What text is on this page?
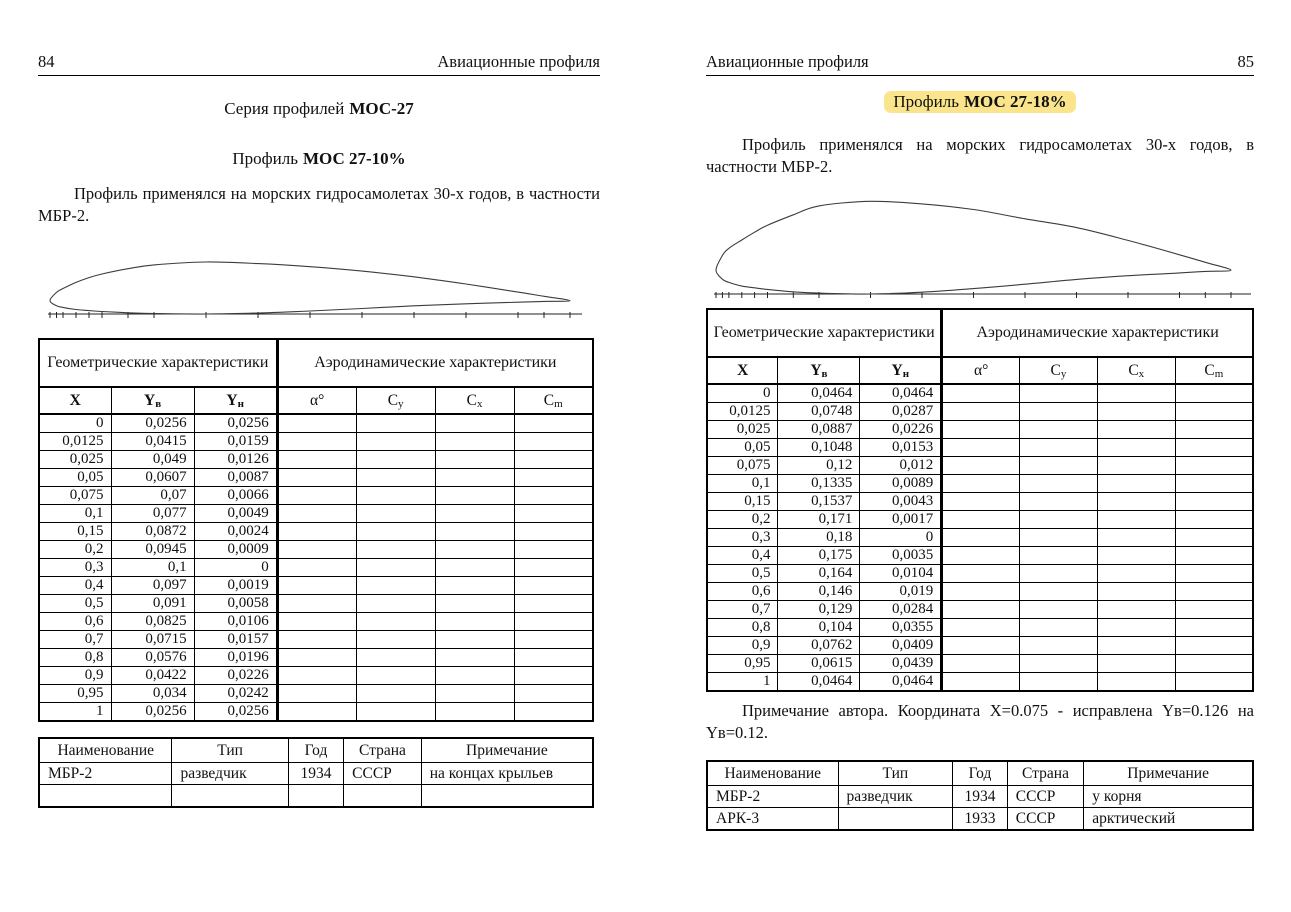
84	Авиационные профиля
Серия профилей МОС-27
Профиль МОС 27-10%
Профиль применялся на морских гидросамолетах 30-х годов, в частности МБР-2.
Геометрические характеристики			Аэродинамические характеристики			
X	Yв	Yн	α°	Cy	Cx	Cm
0	0,0256	0,0256				
0,0125	0,0415	0,0159				
0,025	0,049	0,0126				
0,05	0,0607	0,0087				
0,075	0,07	0,0066				
0,1	0,077	0,0049				
0,15	0,0872	0,0024				
0,2	0,0945	0,0009				
0,3	0,1	0				
0,4	0,097	0,0019				
0,5	0,091	0,0058				
0,6	0,0825	0,0106				
0,7	0,0715	0,0157				
0,8	0,0576	0,0196				
0,9	0,0422	0,0226				
0,95	0,034	0,0242				
1	0,0256	0,0256				
Наименование	Тип	Год	Страна	Примечание
МБР-2	разведчик	1934	СССР	на концах крыльев

Авиационные профиля	85
Профиль МОС 27-18%
Профиль применялся на морских гидросамолетах 30-х годов, в частности МБР-2.
Геометрические характеристики			Аэродинамические характеристики			
X	Yв	Yн	α°	Cy	Cx	Cm
0	0,0464	0,0464				
0,0125	0,0748	0,0287				
0,025	0,0887	0,0226				
0,05	0,1048	0,0153				
0,075	0,12	0,012				
0,1	0,1335	0,0089				
0,15	0,1537	0,0043				
0,2	0,171	0,0017				
0,3	0,18	0				
0,4	0,175	0,0035				
0,5	0,164	0,0104				
0,6	0,146	0,019				
0,7	0,129	0,0284				
0,8	0,104	0,0355				
0,9	0,0762	0,0409				
0,95	0,0615	0,0439				
1	0,0464	0,0464				
Примечание автора. Координата X=0.075 - исправлена Yв=0.126 на Yв=0.12.
Наименование	Тип	Год	Страна	Примечание
МБР-2	разведчик	1934	СССР	у корня
АРК-3		1933	СССР	арктический
